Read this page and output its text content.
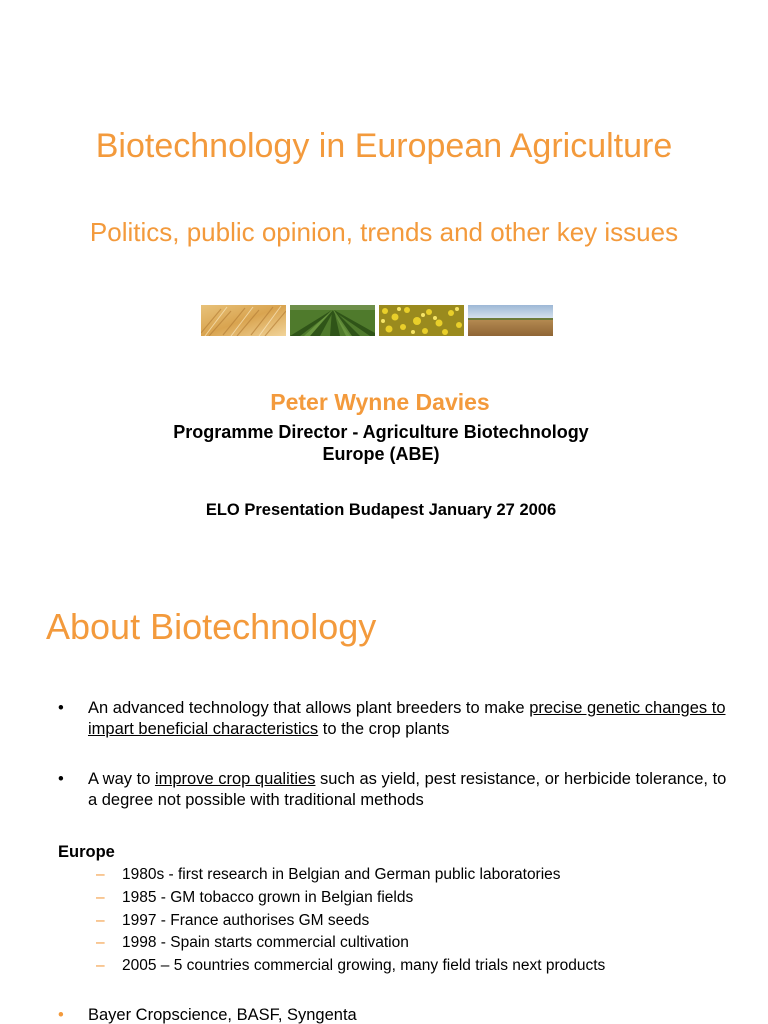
Biotechnology in European Agriculture
Politics, public opinion, trends and other key issues
Peter Wynne Davies
Programme Director - Agriculture Biotechnology
Europe (ABE)
ELO Presentation Budapest January 27 2006
About Biotechnology
• An advanced technology that allows plant breeders to make precise genetic changes to impart beneficial characteristics to the crop plants
• A way to improve crop qualities such as yield, pest resistance, or herbicide tolerance, to a degree not possible with traditional methods
Europe
– 1980s - first research in Belgian and German public laboratories
– 1985 - GM tobacco grown in Belgian fields
– 1997 - France authorises GM seeds
– 1998 - Spain starts commercial cultivation
– 2005 – 5 countries commercial growing, many field trials next products
• Bayer Cropscience, BASF, Syngenta
